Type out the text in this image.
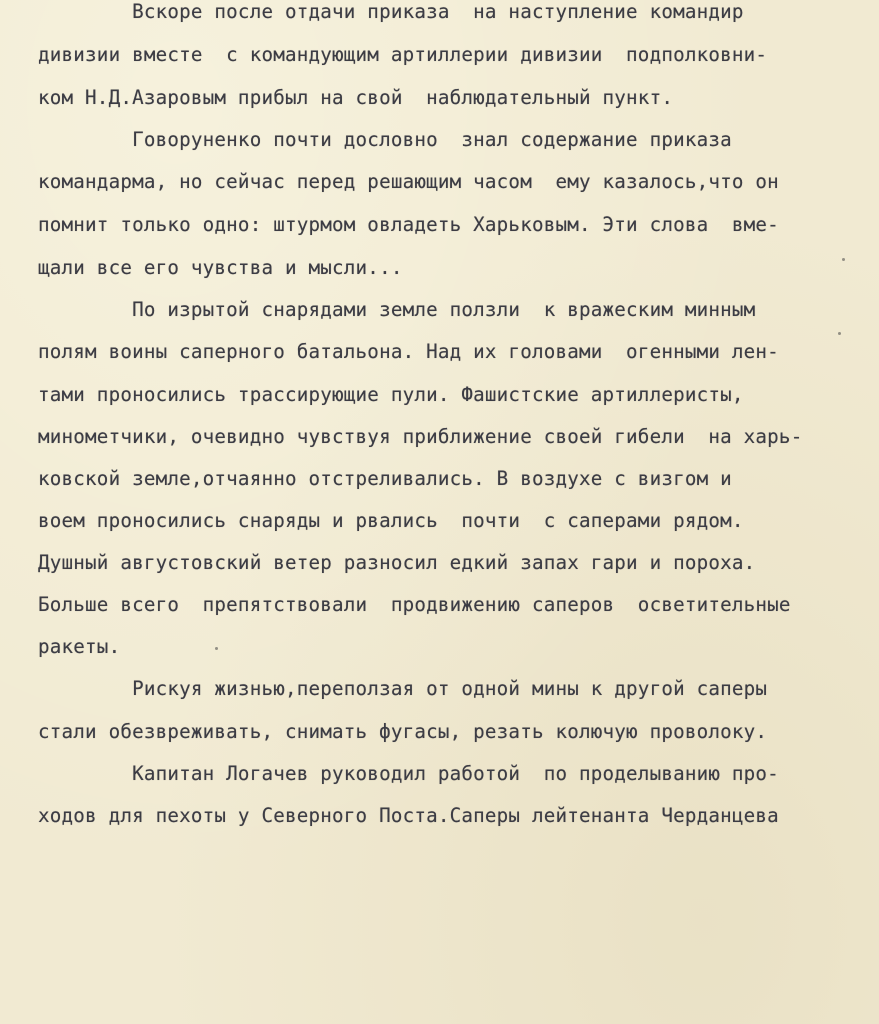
Вскоре после отдачи приказа  на наступление командир
дивизии вместе  с командующим артиллерии дивизии  подполковни-
ком Н.Д.Азаровым прибыл на свой  наблюдательный пункт.
Говоруненко почти дословно  знал содержание приказа
командарма, но сейчас перед решающим часом  ему казалось,что он
помнит только одно: штурмом овладеть Харьковым. Эти слова  вме-
щали все его чувства и мысли...
По изрытой снарядами земле ползли  к вражеским минным
полям воины саперного батальона. Над их головами  огенными лен-
тами проносились трассирующие пули. Фашистские артиллеристы,
минометчики, очевидно чувствуя приближение своей гибели  на харь-
ковской земле,отчаянно отстреливались. В воздухе с визгом и
воем проносились снаряды и рвались  почти  с саперами рядом.
Душный августовский ветер разносил едкий запах гари и пороха.
Больше всего  препятствовали  продвижению саперов  осветительные
ракеты.
Рискуя жизнью,переползая от одной мины к другой саперы
стали обезвреживать, снимать фугасы, резать колючую проволоку.
Капитан Логачев руководил работой  по проделыванию про-
ходов для пехоты у Северного Поста.Саперы лейтенанта Черданцева
